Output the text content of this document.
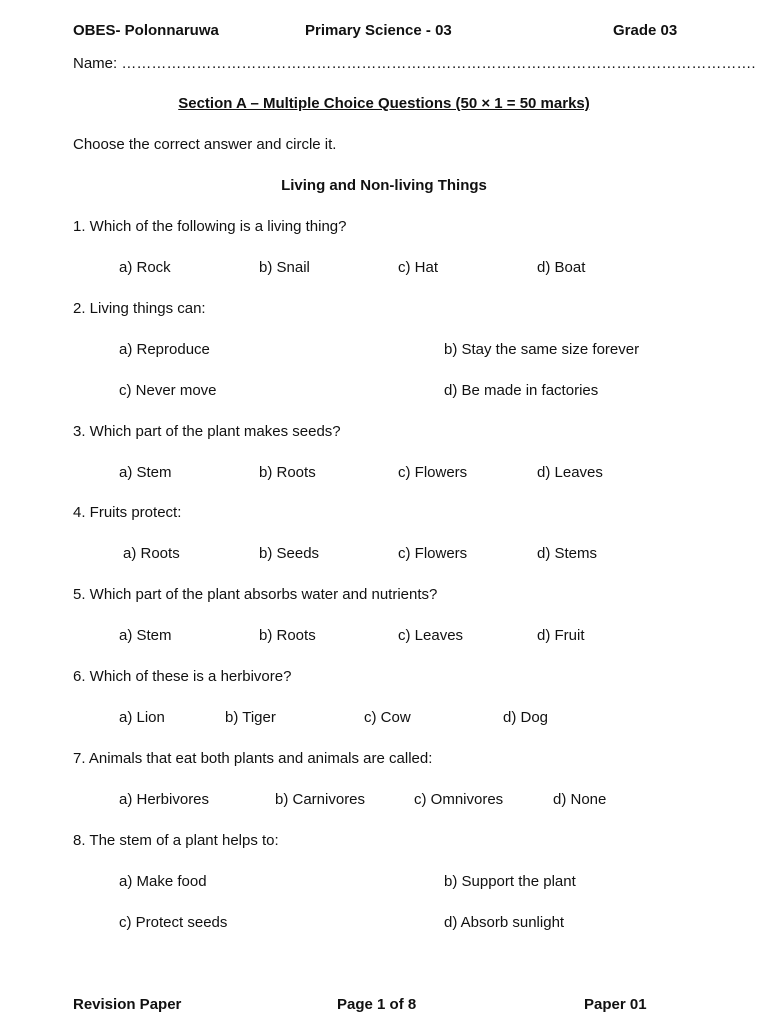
OBES- Polonnaruwa	Primary Science - 03	Grade 03
Name: ……………………………………………………………………………………………………………….
Section A – Multiple Choice Questions (50 × 1 = 50 marks)
Choose the correct answer and circle it.
Living and Non-living Things
1. Which of the following is a living thing?
a) Rock	b) Snail	c) Hat	d) Boat
2. Living things can:
a) Reproduce	b) Stay the same size forever
c) Never move	d) Be made in factories
3. Which part of the plant makes seeds?
a) Stem	b) Roots	c) Flowers	d) Leaves
4. Fruits protect:
a) Roots	b) Seeds	c) Flowers	d) Stems
5. Which part of the plant absorbs water and nutrients?
a) Stem	b) Roots	c) Leaves	d) Fruit
6. Which of these is a herbivore?
a) Lion	b) Tiger	c) Cow	d) Dog
7. Animals that eat both plants and animals are called:
a) Herbivores	b) Carnivores	c) Omnivores	d) None
8. The stem of a plant helps to:
a) Make food	b) Support the plant
c) Protect seeds	d) Absorb sunlight
Revision Paper	Page 1 of 8	Paper 01
